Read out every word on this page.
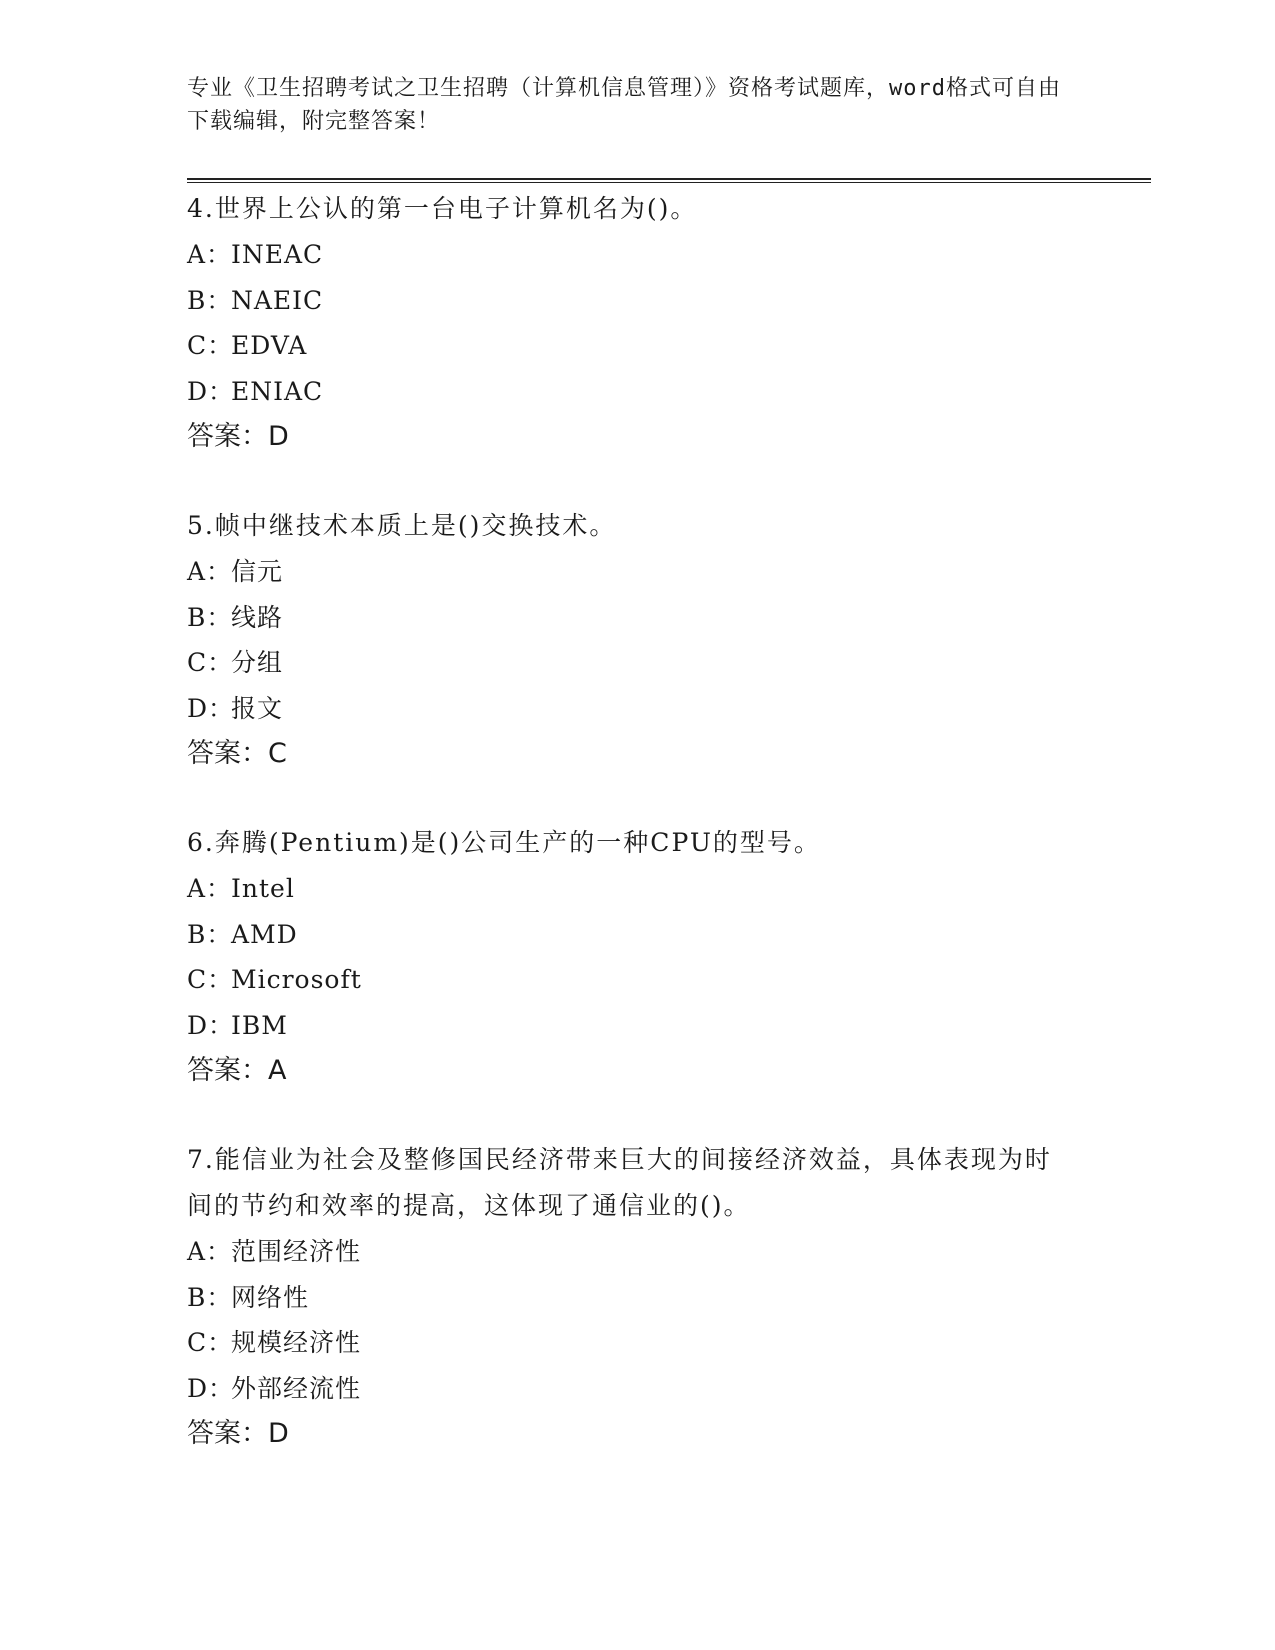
专业《卫生招聘考试之卫生招聘（计算机信息管理）》资格考试题库，word格式可自由下载编辑，附完整答案！

4.世界上公认的第一台电子计算机名为()。

A：INEAC
B：NAEIC
C：EDVA
D：ENIAC

答案：D

5.帧中继技术本质上是()交换技术。

A：信元
B：线路
C：分组
D：报文

答案：C

6.奔腾(Pentium)是()公司生产的一种CPU的型号。

A：Intel
B：AMD
C：Microsoft
D：IBM

答案：A

7.能信业为社会及整修国民经济带来巨大的间接经济效益，具体表现为时间的节约和效率的提高，这体现了通信业的()。

A：范围经济性
B：网络性
C：规模经济性
D：外部经流性

答案：D
